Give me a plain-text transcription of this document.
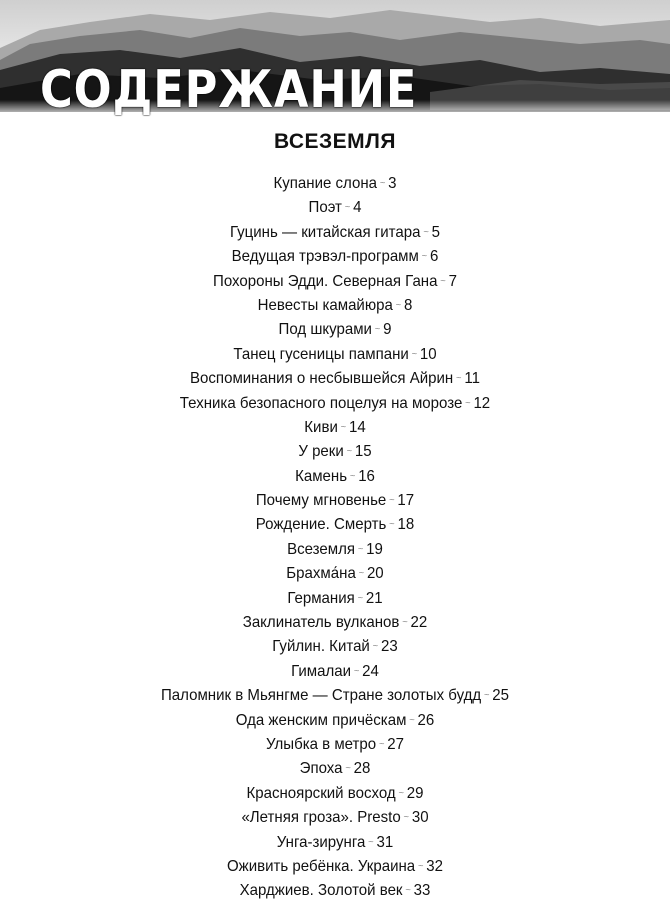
СОДЕРЖАНИЕ
ВСЕЗЕМЛЯ
Купание слона ~ 3
Поэт ~ 4
Гуцинь — китайская гитара ~ 5
Ведущая трэвэл-программ ~ 6
Похороны Эдди. Северная Гана ~ 7
Невесты камайюра ~ 8
Под шкурами ~ 9
Танец гусеницы пампани ~ 10
Воспоминания о несбывшейся Айрин ~ 11
Техника безопасного поцелуя на морозе ~ 12
Киви ~ 14
У реки ~ 15
Камень ~ 16
Почему мгновенье ~ 17
Рождение. Смерть ~ 18
Всеземля ~ 19
Брахма́на ~ 20
Германия ~ 21
Заклинатель вулканов ~ 22
Гуйлин. Китай ~ 23
Гималаи ~ 24
Паломник в Мьянгме — Стране золотых будд ~ 25
Ода женским причёскам ~ 26
Улыбка в метро ~ 27
Эпоха ~ 28
Красноярский восход ~ 29
«Летняя гроза». Presto ~ 30
Унга-зирунга ~ 31
Оживить ребёнка. Украина ~ 32
Харджиев. Золотой век ~ 33
